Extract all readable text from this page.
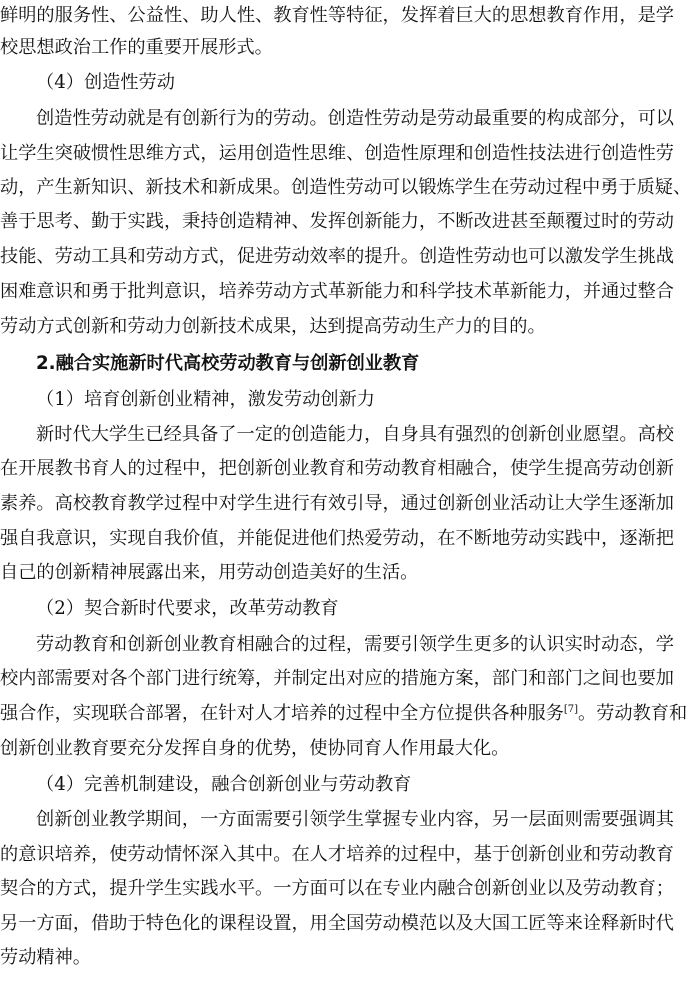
鲜明的服务性、公益性、助人性、教育性等特征，发挥着巨大的思想教育作用，是学
校思想政治工作的重要开展形式。
（4）创造性劳动
创造性劳动就是有创新行为的劳动。创造性劳动是劳动最重要的构成部分，可以
让学生突破惯性思维方式，运用创造性思维、创造性原理和创造性技法进行创造性劳
动，产生新知识、新技术和新成果。创造性劳动可以锻炼学生在劳动过程中勇于质疑、
善于思考、勤于实践，秉持创造精神、发挥创新能力，不断改进甚至颠覆过时的劳动
技能、劳动工具和劳动方式，促进劳动效率的提升。创造性劳动也可以激发学生挑战
困难意识和勇于批判意识，培养劳动方式革新能力和科学技术革新能力，并通过整合
劳动方式创新和劳动力创新技术成果，达到提高劳动生产力的目的。
2.融合实施新时代高校劳动教育与创新创业教育
（1）培育创新创业精神，激发劳动创新力
新时代大学生已经具备了一定的创造能力，自身具有强烈的创新创业愿望。高校
在开展教书育人的过程中，把创新创业教育和劳动教育相融合，使学生提高劳动创新
素养。高校教育教学过程中对学生进行有效引导，通过创新创业活动让大学生逐渐加
强自我意识，实现自我价值，并能促进他们热爱劳动，在不断地劳动实践中，逐渐把
自己的创新精神展露出来，用劳动创造美好的生活。
（2）契合新时代要求，改革劳动教育
劳动教育和创新创业教育相融合的过程，需要引领学生更多的认识实时动态，学
校内部需要对各个部门进行统筹，并制定出对应的措施方案，部门和部门之间也要加
强合作，实现联合部署，在针对人才培养的过程中全方位提供各种服务[7]。劳动教育和
创新创业教育要充分发挥自身的优势，使协同育人作用最大化。
（4）完善机制建设，融合创新创业与劳动教育
创新创业教学期间，一方面需要引领学生掌握专业内容，另一层面则需要强调其
的意识培养，使劳动情怀深入其中。在人才培养的过程中，基于创新创业和劳动教育
契合的方式，提升学生实践水平。一方面可以在专业内融合创新创业以及劳动教育；
另一方面，借助于特色化的课程设置，用全国劳动模范以及大国工匠等来诠释新时代
劳动精神。
